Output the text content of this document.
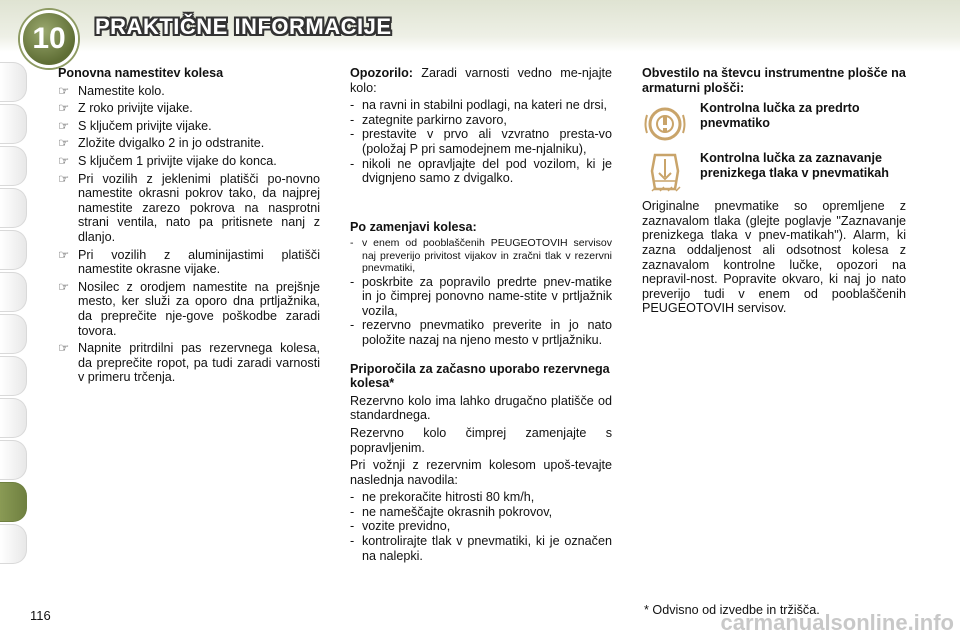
10	PRAKTIČNE INFORMACIJE
Ponovna namestitev kolesa
☞ Namestite kolo.
☞ Z roko privijte vijake.
☞ S ključem privijte vijake.
☞ Zložite dvigalko 2 in jo odstranite.
☞ S ključem 1 privijte vijake do konca.
☞ Pri vozilih z jeklenimi platišči po-novno namestite okrasni pokrov tako, da najprej namestite zarezo pokrova na nasprotni strani ventila, nato pa pritisnete nanj z dlanjo.
☞ Pri vozilih z aluminijastimi platišči namestite okrasne vijake.
☞ Nosilec z orodjem namestite na prejšnje mesto, ker služi za oporo dna prtljažnika, da preprečite nje-gove poškodbe zaradi tovora.
☞ Napnite pritrdilni pas rezervnega kolesa, da preprečite ropot, pa tudi zaradi varnosti v primeru trčenja.

Opozorilo: Zaradi varnosti vedno me-njajte kolo:

- na ravni in stabilni podlagi, na kateri ne drsi,
- zategnite parkirno zavoro,
- prestavite v prvo ali vzvratno presta-vo (položaj P pri samodejnem me-njalniku),
- nikoli ne opravljajte del pod vozilom, ki je dvignjeno samo z dvigalko.
Po zamenjavi kolesa:
- v enem od pooblaščenih PEUGEOTOVIH servisov naj preverijo privitost vijakov in zračni tlak v rezervni pnevmatiki,
- poskrbite za popravilo predrte pnev-matike in jo čimprej ponovno name-stite v prtljažnik vozila,
- rezervno pnevmatiko preverite in jo nato položite nazaj na njeno mesto v prtljažniku.
Priporočila za začasno uporabo rezervnega kolesa*

Rezervno kolo ima lahko drugačno platišče od standardnega.

Rezervno kolo čimprej zamenjajte s popravljenim.

Pri vožnji z rezervnim kolesom upoš-tevajte naslednja navodila:

- ne prekoračite hitrosti 80 km/h,
- ne nameščajte okrasnih pokrovov,
- vozite previdno,
- kontrolirajte tlak v pnevmatiki, ki je označen na nalepki.
Obvestilo na števcu instrumentne plošče na armaturni plošči:
Kontrolna lučka za predrto pnevmatiko
Kontrolna lučka za zaznavanje prenizkega tlaka v pnevmatikah

Originalne pnevmatike so opremljene z zaznavalom tlaka (glejte poglavje "Zaznavanje prenizkega tlaka v pnev-matikah"). Alarm, ki zazna oddaljenost ali odsotnost kolesa z zaznavalom kontrolne lučke, opozori na nepravil-nost. Popravite okvaro, ki naj jo nato preverijo tudi v enem od pooblaščenih PEUGEOTOVIH servisov.

116	* Odvisno od izvedbe in tržišča.
carmanualsonline.info
